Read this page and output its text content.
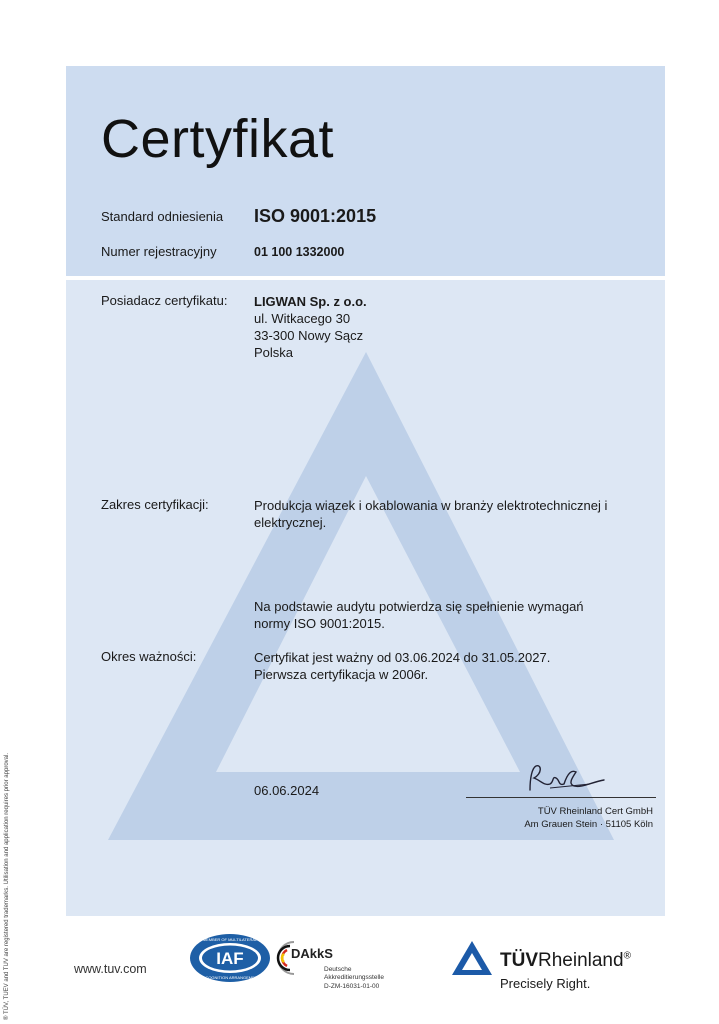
Certyfikat
Standard odniesienia ISO 9001:2015
Numer rejestracyjny	01 100 1332000
Posiadacz certyfikatu: LIGWAN Sp. z o.o.
ul. Witkacego 30
33-300 Nowy Sącz
Polska
Zakres certyfikacji:	Produkcja wiązek i okablowania w branży elektrotechnicznej i
elektrycznej.
Na podstawie audytu potwierdza się spełnienie wymagań
normy ISO 9001:2015.
Okres ważności:	Certyfikat jest ważny od 03.06.2024 do 31.05.2027.
Pierwsza certyfikacja w 2006r.
06.06.2024
TÜV Rheinland Cert GmbH
Am Grauen Stein · 51105 Köln
® TÜV, TUEV and TUV are registered trademarks. Utilisation and application requires prior approval.	www.tuv.com
IAF
MEMBER OF MULTILATERAL
RECOGNITION ARRANGEMENT
DAkkS
Deutsche
Akkreditierungsstelle
D-ZM-16031-01-00
TÜVRheinland®
Precisely Right.
